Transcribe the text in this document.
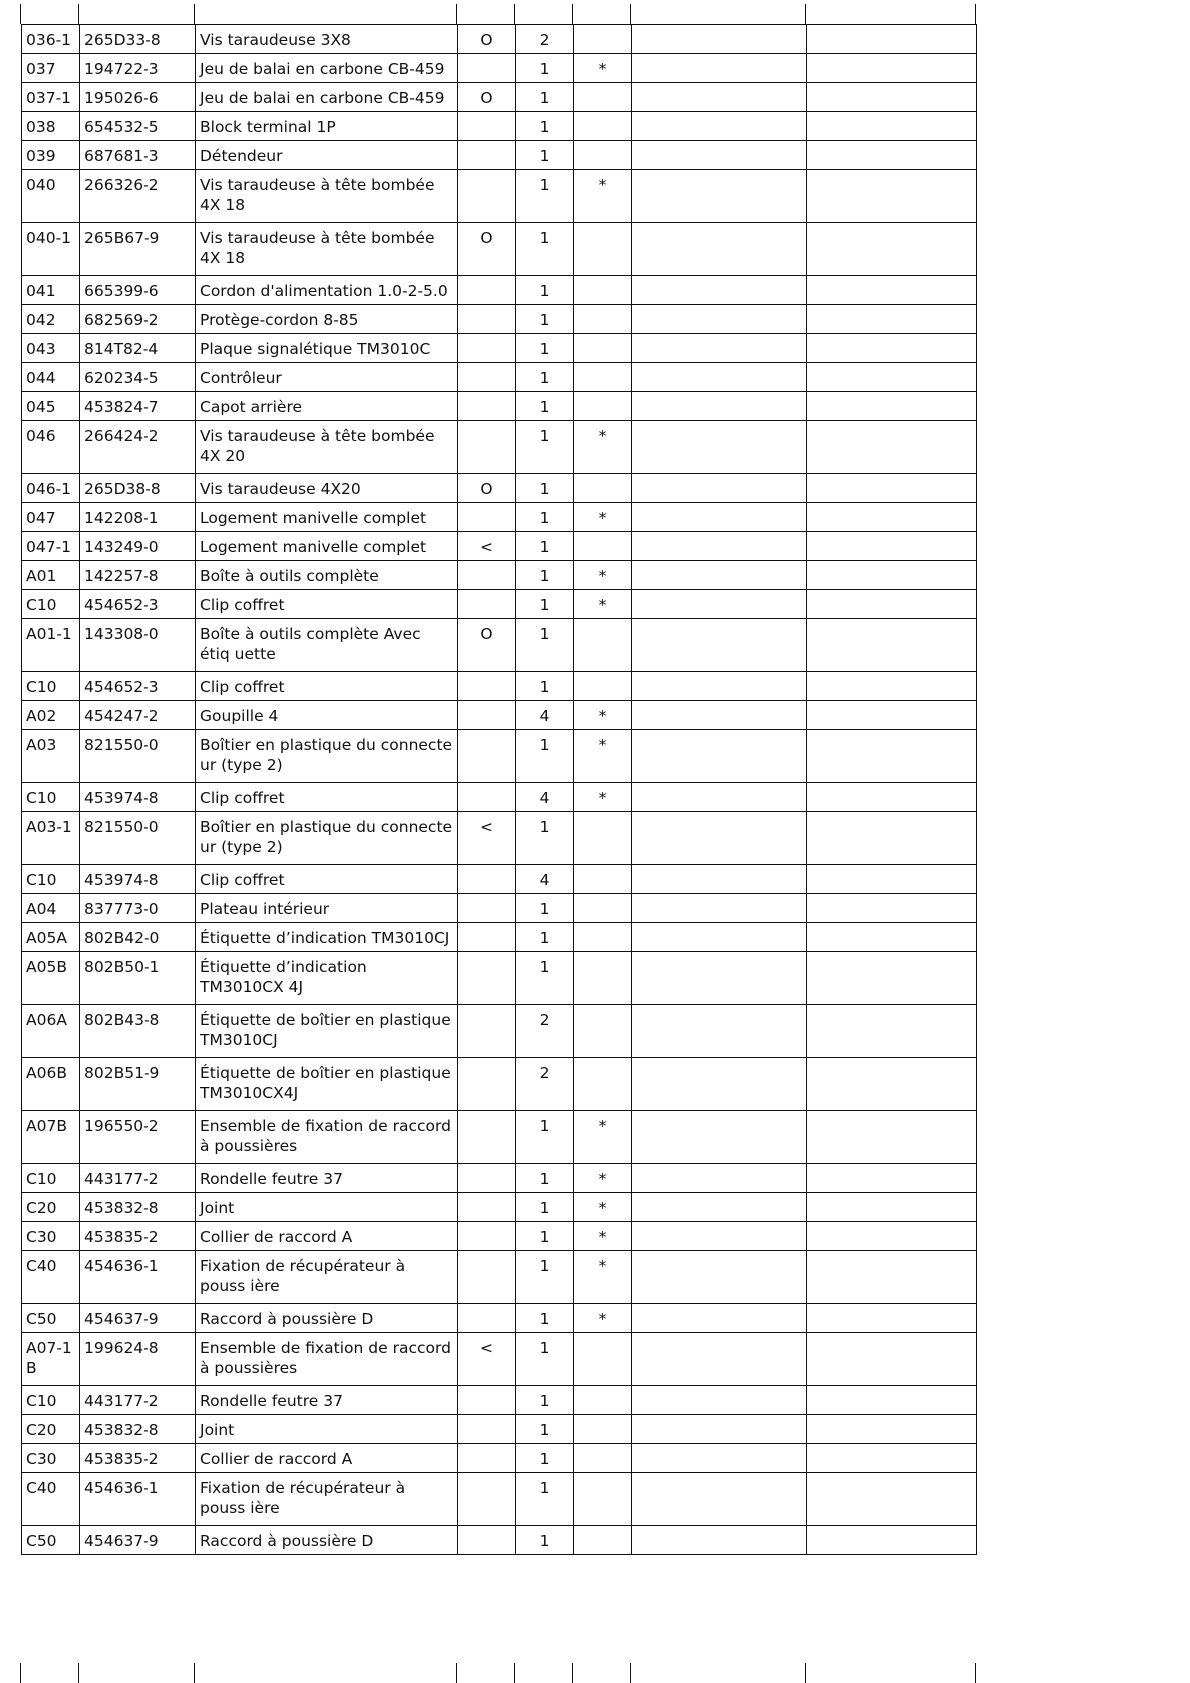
036-1	265D33-8	Vis taraudeuse 3X8	O	2			
037	194722-3	Jeu de balai en carbone CB-459		1	*		
037-1	195026-6	Jeu de balai en carbone CB-459	O	1			
038	654532-5	Block terminal 1P		1			
039	687681-3	Détendeur		1			
040	266326-2	Vis taraudeuse à tête bombée 4X 18		1	*		
040-1	265B67-9	Vis taraudeuse à tête bombée 4X 18	O	1			
041	665399-6	Cordon d'alimentation 1.0-2-5.0		1			
042	682569-2	Protège-cordon 8-85		1			
043	814T82-4	Plaque signalétique TM3010C		1			
044	620234-5	Contrôleur		1			
045	453824-7	Capot arrière		1			
046	266424-2	Vis taraudeuse à tête bombée 4X 20		1	*		
046-1	265D38-8	Vis taraudeuse 4X20	O	1			
047	142208-1	Logement manivelle complet		1	*		
047-1	143249-0	Logement manivelle complet	<	1			
A01	142257-8	Boîte à outils complète		1	*		
C10	454652-3	Clip coffret		1	*		
A01-1	143308-0	Boîte à outils complète Avec étiq uette	O	1			
C10	454652-3	Clip coffret		1			
A02	454247-2	Goupille 4		4	*		
A03	821550-0	Boîtier en plastique du connecte ur (type 2)		1	*		
C10	453974-8	Clip coffret		4	*		
A03-1	821550-0	Boîtier en plastique du connecte ur (type 2)	<	1			
C10	453974-8	Clip coffret		4			
A04	837773-0	Plateau intérieur		1			
A05A	802B42-0	Étiquette d’indication TM3010CJ		1			
A05B	802B50-1	Étiquette d’indication TM3010CX 4J		1			
A06A	802B43-8	Étiquette de boîtier en plastique TM3010CJ		2			
A06B	802B51-9	Étiquette de boîtier en plastique TM3010CX4J		2			
A07B	196550-2	Ensemble de fixation de raccord à poussières		1	*		
C10	443177-2	Rondelle feutre 37		1	*		
C20	453832-8	Joint		1	*		
C30	453835-2	Collier de raccord A		1	*		
C40	454636-1	Fixation de récupérateur à pouss ière		1	*		
C50	454637-9	Raccord à poussière D		1	*		
A07-1 B	199624-8	Ensemble de fixation de raccord à poussières	<	1			
C10	443177-2	Rondelle feutre 37		1			
C20	453832-8	Joint		1			
C30	453835-2	Collier de raccord A		1			
C40	454636-1	Fixation de récupérateur à pouss ière		1			
C50	454637-9	Raccord à poussière D		1			
